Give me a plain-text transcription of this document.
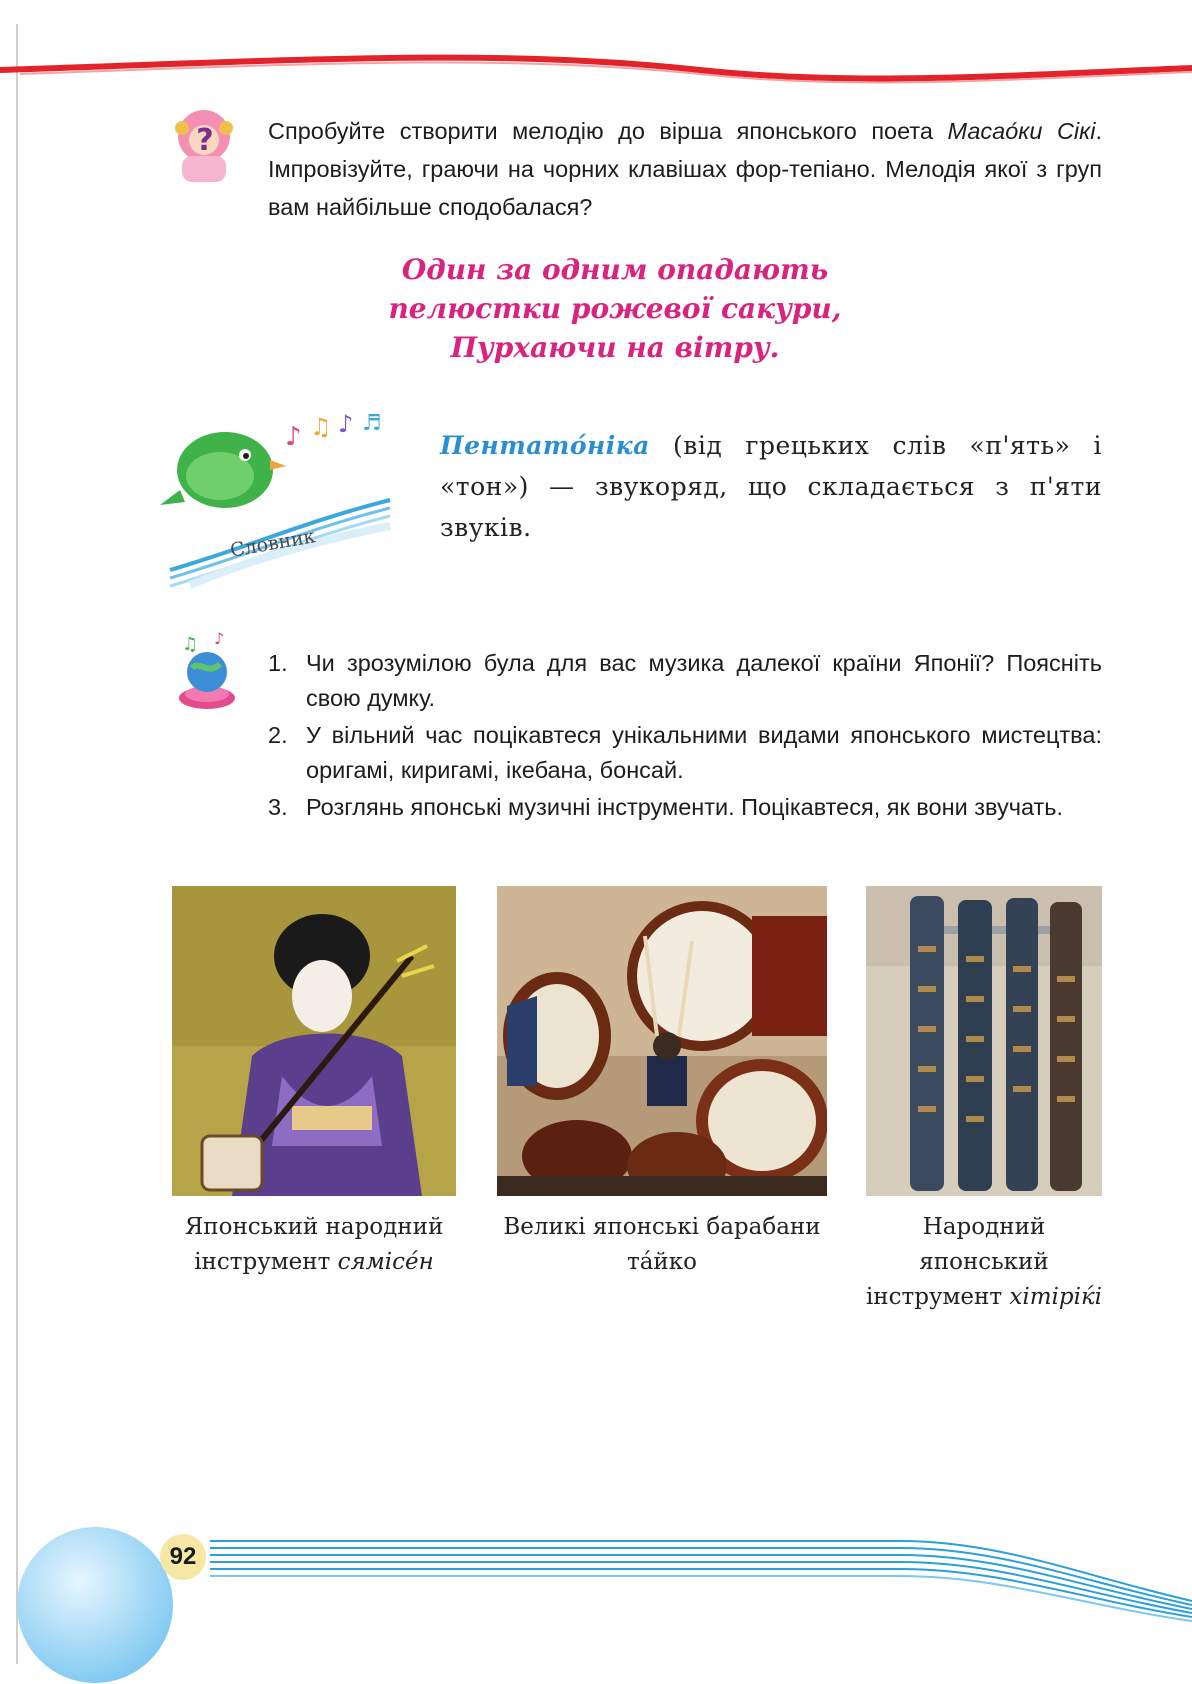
? Спробуйте створити мелодію до вірша японського поета Масао́ки Сікі. Імпровізуйте, граючи на чорних клавішах фор-тепіано. Мелодія якої з груп вам найбільше сподобалася?
Один за одним опадають
пелюстки рожевої сакури,
Пурхаючи на вітру.
♪ ♫ ♪ ♬
Словник
Пентато́ніка (від грецьких слів «п'ять» і «тон») — звукоряд, що складається з п'яти звуків.
♫ ♪
1. Чи зрозумілою була для вас музика далекої країни Японії? Поясніть свою думку.
2. У вільний час поцікавтеся унікальними видами японського мистецтва: оригамі, киригамі, ікебана, бонсай.
3. Розглянь японські музичні інструменти. Поцікавтеся, як вони звучать.
Японський народний інструмент сямісе́н
Великі японські барабани та́йко
Народний японський інструмент хітіріќі
92
